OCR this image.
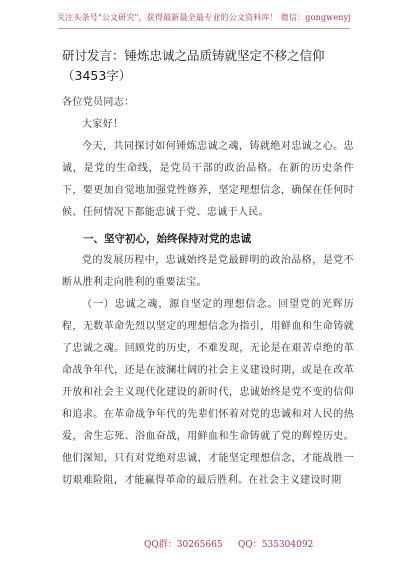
关注头条号"公文研究"，获得最新最全最专业的公文资料库！ 微信：gongwenyj

研讨发言：锤炼忠诚之品质铸就坚定不移之信仰（3453字）

各位党员同志：

大家好！

今天，共同探讨如何锤炼忠诚之魂，铸就绝对忠诚之心。忠诚，是党的生命线，是党员干部的政治品格。在新的历史条件下，要更加自觉地加强党性修养，坚定理想信念，确保在任何时候、任何情况下都能忠诚于党、忠诚于人民。

一、坚守初心，始终保持对党的忠诚

党的发展历程中，忠诚始终是党最鲜明的政治品格，是党不断从胜利走向胜利的重要法宝。

（一）忠诚之魂，源自坚定的理想信念。回望党的光辉历程，无数革命先烈以坚定的理想信念为指引，用鲜血和生命铸就了忠诚之魂。回顾党的历史，不难发现，无论是在艰苦卓绝的革命战争年代，还是在波澜壮阔的社会主义建设时期，或是在改革开放和社会主义现代化建设的新时代，忠诚始终是党不变的信仰和追求。在革命战争年代的先辈们怀着对党的忠诚和对人民的热爱，舍生忘死、浴血奋战，用鲜血和生命铸就了党的辉煌历史。他们深知，只有对党绝对忠诚，才能坚定理想信念，才能战胜一切艰难险阻，才能赢得革命的最后胜利。在社会主义建设时期

QQ群：30265665 QQ：535304092
